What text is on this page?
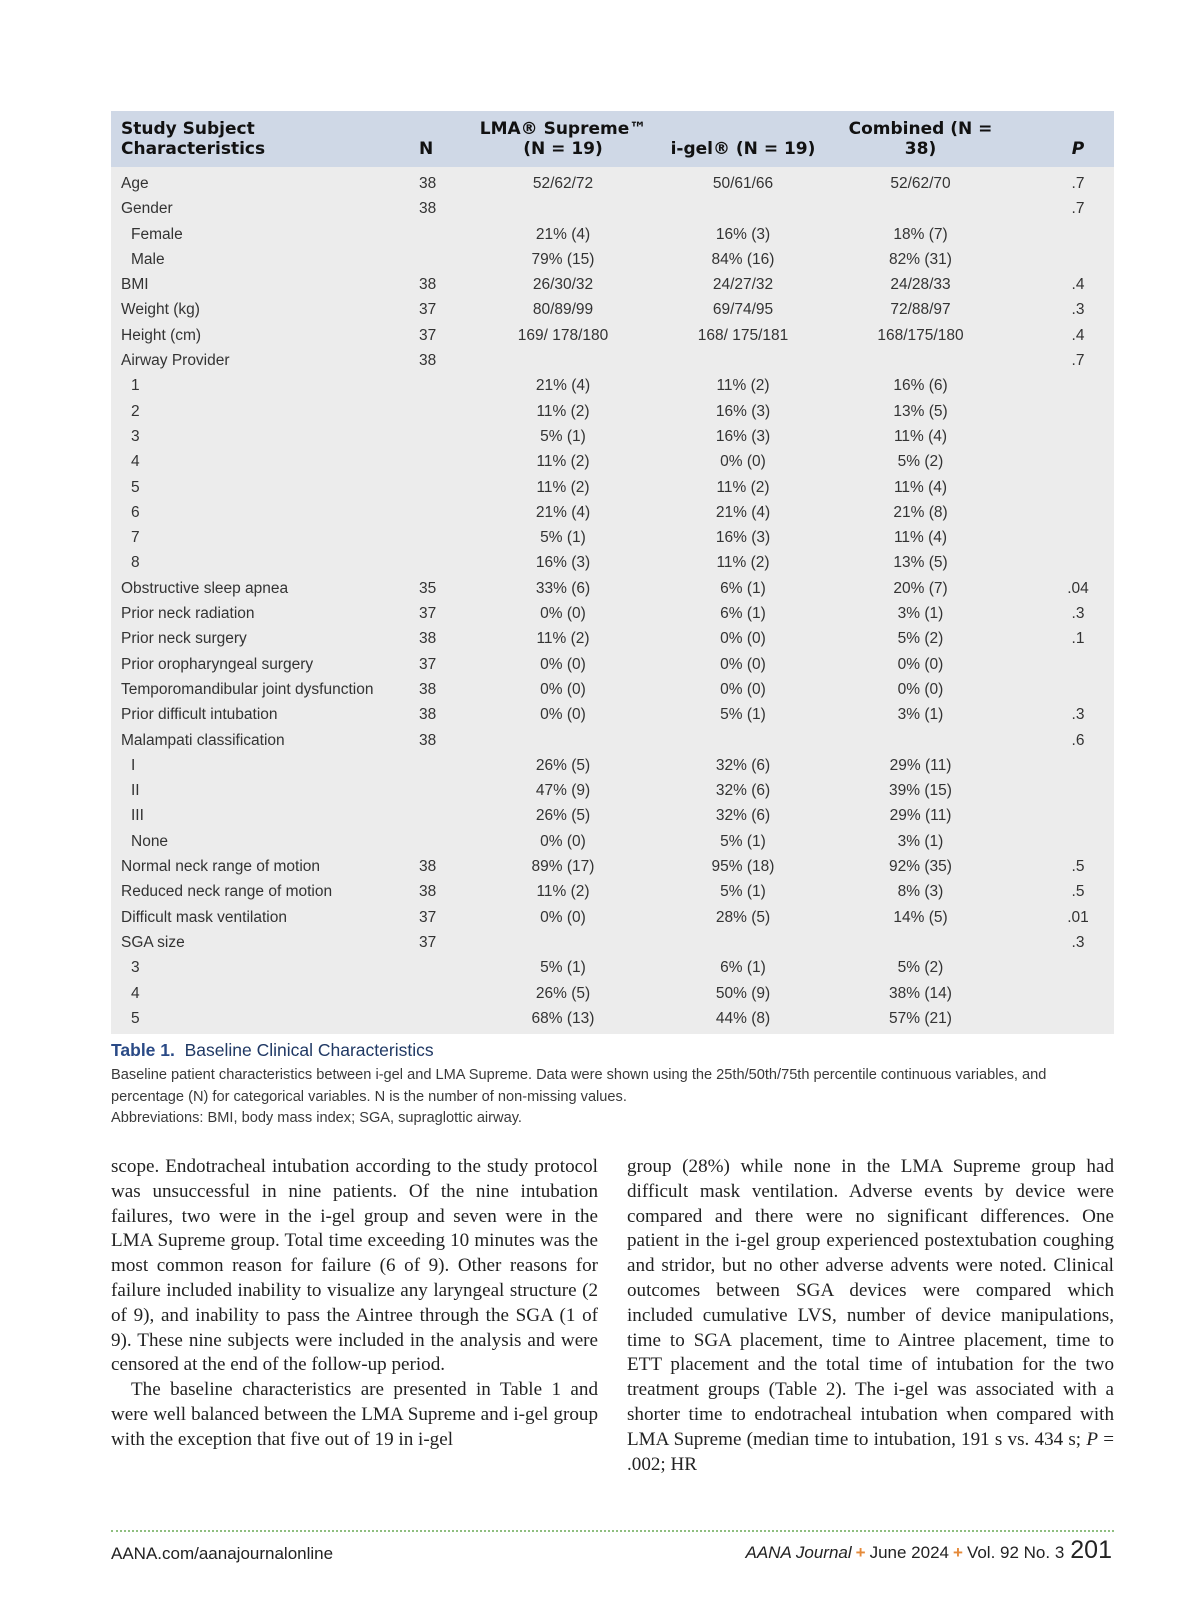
Study Subject Characteristics	N	LMA® Supreme™ (N = 19)	i-gel® (N = 19)	Combined (N = 38)	P
Age	38	52/62/72	50/61/66	52/62/70	.7
Gender	38				.7
Female		21% (4)	16% (3)	18% (7)	
Male		79% (15)	84% (16)	82% (31)	
BMI	38	26/30/32	24/27/32	24/28/33	.4
Weight (kg)	37	80/89/99	69/74/95	72/88/97	.3
Height (cm)	37	169/ 178/180	168/ 175/181	168/175/180	.4
Airway Provider	38				.7
1		21% (4)	11% (2)	16% (6)	
2		11% (2)	16% (3)	13% (5)	
3		5% (1)	16% (3)	11% (4)	
4		11% (2)	0% (0)	5% (2)	
5		11% (2)	11% (2)	11% (4)	
6		21% (4)	21% (4)	21% (8)	
7		5% (1)	16% (3)	11% (4)	
8		16% (3)	11% (2)	13% (5)	
Obstructive sleep apnea	35	33% (6)	6% (1)	20% (7)	.04
Prior neck radiation	37	0% (0)	6% (1)	3% (1)	.3
Prior neck surgery	38	11% (2)	0% (0)	5% (2)	.1
Prior oropharyngeal surgery	37	0% (0)	0% (0)	0% (0)	
Temporomandibular joint dysfunction	38	0% (0)	0% (0)	0% (0)	
Prior difficult intubation	38	0% (0)	5% (1)	3% (1)	.3
Malampati classification	38				.6
I		26% (5)	32% (6)	29% (11)	
II		47% (9)	32% (6)	39% (15)	
III		26% (5)	32% (6)	29% (11)	
None		0% (0)	5% (1)	3% (1)	
Normal neck range of motion	38	89% (17)	95% (18)	92% (35)	.5
Reduced neck range of motion	38	11% (2)	5% (1)	8% (3)	.5
Difficult mask ventilation	37	0% (0)	28% (5)	14% (5)	.01
SGA size	37				.3
3		5% (1)	6% (1)	5% (2)	
4		26% (5)	50% (9)	38% (14)	
5		68% (13)	44% (8)	57% (21)	
Table 1. Baseline Clinical Characteristics
Baseline patient characteristics between i-gel and LMA Supreme. Data were shown using the 25th/50th/75th percentile continuous variables, and percentage (N) for categorical variables. N is the number of non-missing values.
Abbreviations: BMI, body mass index; SGA, supraglottic airway.

scope. Endotracheal intubation according to the study protocol was unsuccessful in nine patients. Of the nine intubation failures, two were in the i-gel group and seven were in the LMA Supreme group. Total time exceeding 10 minutes was the most common reason for failure (6 of 9). Other reasons for failure included inability to visualize any laryngeal structure (2 of 9), and inability to pass the Aintree through the SGA (1 of 9). These nine subjects were included in the analysis and were censored at the end of the follow-up period.

The baseline characteristics are presented in Table 1 and were well balanced between the LMA Supreme and i-gel group with the exception that five out of 19 in i-gel

group (28%) while none in the LMA Supreme group had difficult mask ventilation. Adverse events by device were compared and there were no significant differences. One patient in the i-gel group experienced postextubation coughing and stridor, but no other adverse advents were noted. Clinical outcomes between SGA devices were compared which included cumulative LVS, number of device manipulations, time to SGA placement, time to Aintree placement, time to ETT placement and the total time of intubation for the two treatment groups (Table 2). The i-gel was associated with a shorter time to endotracheal intubation when compared with LMA Supreme (median time to intubation, 191 s vs. 434 s; P = .002; HR

AANA.com/aanajournalonline	AANA Journal + June 2024 + Vol. 92 No. 3 201
